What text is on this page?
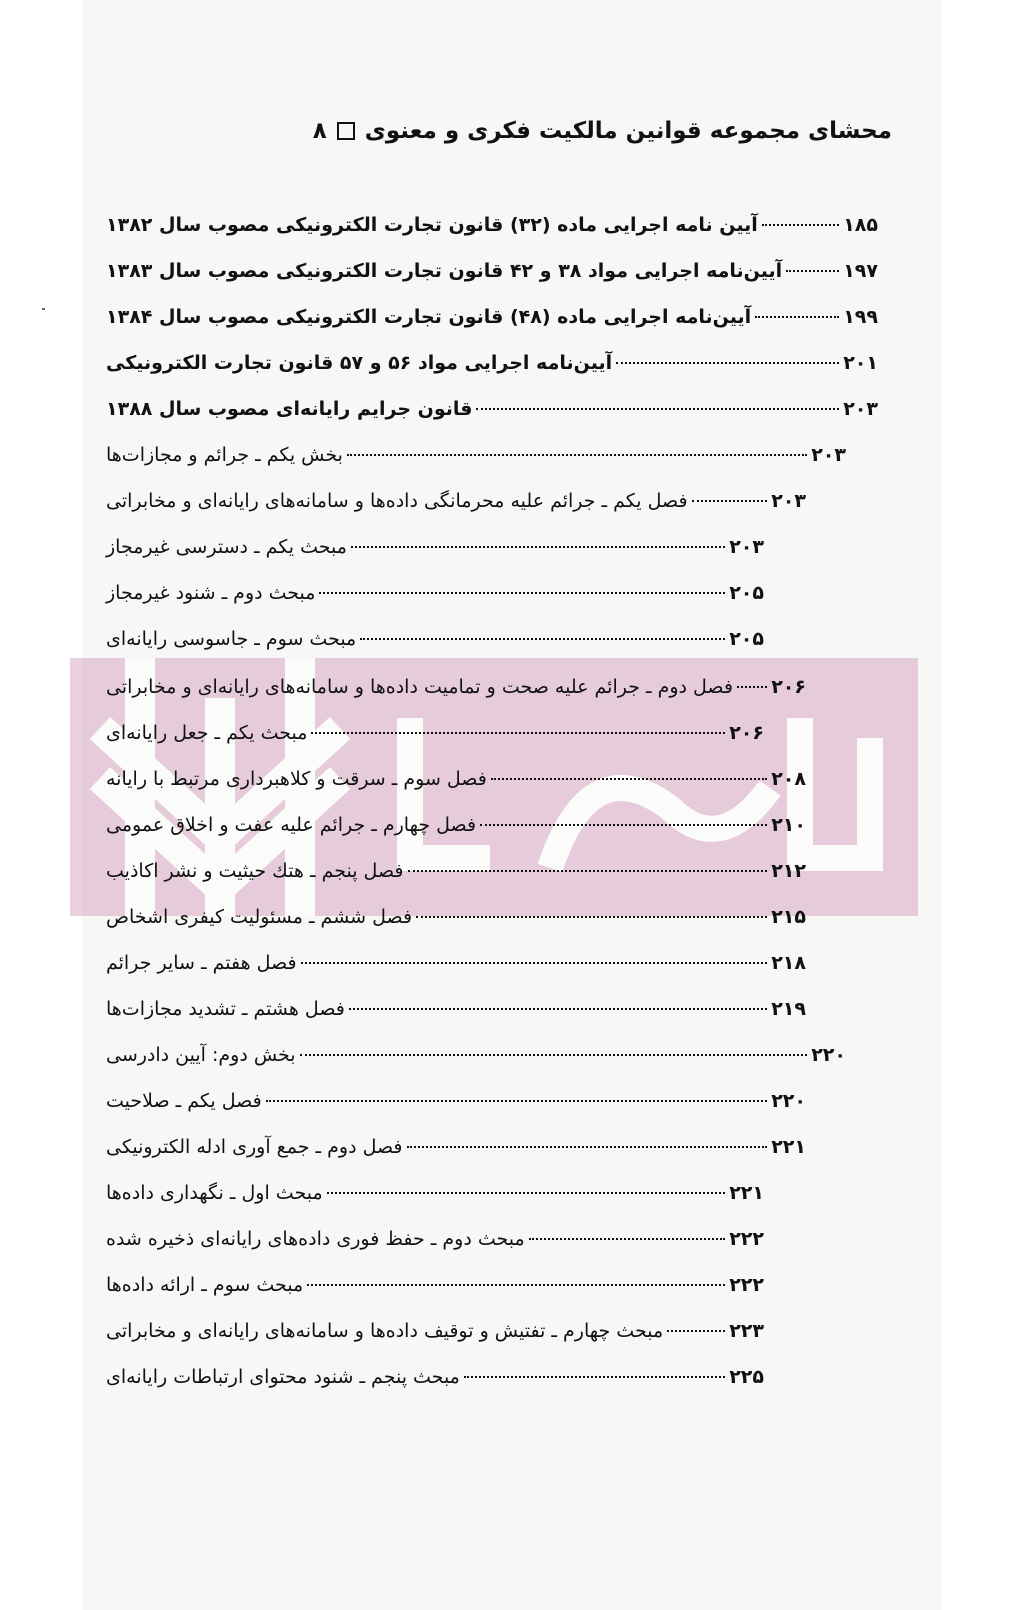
۸ محشای مجموعه قوانین مالکیت فکری و معنوی
آیین نامه اجرایی ماده (۳۲) قانون تجارت الکترونیکی مصوب سال ۱۳۸۲	۱۸۵
آیین‌نامه اجرایی مواد ۳۸ و ۴۲ قانون تجارت الکترونیکی مصوب سال ۱۳۸۳	۱۹۷
آیین‌نامه اجرایی ماده (۴۸) قانون تجارت الکترونیکی مصوب سال ۱۳۸۴	۱۹۹
آیین‌نامه اجرایی مواد ۵۶ و ۵۷ قانون تجارت الکترونیکی	۲۰۱
قانون جرایم رایانه‌ای مصوب سال ۱۳۸۸	۲۰۳
بخش یکم ـ جرائم و مجازات‌ها	۲۰۳
فصل یکم ـ جرائم علیه محرمانگی داده‌ها و سامانه‌های رایانه‌ای و مخابراتی	۲۰۳
مبحث یکم ـ دسترسی غیرمجاز	۲۰۳
مبحث دوم ـ شنود غیرمجاز	۲۰۵
مبحث سوم ـ جاسوسی رایانه‌ای	۲۰۵
فصل دوم ـ جرائم علیه صحت و تمامیت داده‌ها و سامانه‌های رایانه‌ای و مخابراتی ۲۰۶
مبحث یکم ـ جعل رایانه‌ای	۲۰۶
فصل سوم ـ سرقت و کلاهبرداری مرتبط با رایانه	۲۰۸
فصل چهارم ـ جرائم علیه عفت و اخلاق عمومی	۲۱۰
فصل پنجم ـ هتك حیثیت و نشر اکاذیب	۲۱۲
فصل ششم ـ مسئولیت کیفری اشخاص	۲۱۵
فصل هفتم ـ سایر جرائم	۲۱۸
فصل هشتم ـ تشدید مجازات‌ها	۲۱۹
بخش دوم: آیین دادرسی	۲۲۰
فصل یکم ـ صلاحیت	۲۲۰
فصل دوم ـ جمع آوری ادله الکترونیکی	۲۲۱
مبحث اول ـ نگهداری داده‌ها	۲۲۱
مبحث دوم ـ حفظ فوری داده‌های رایانه‌ای ذخیره شده	۲۲۲
مبحث سوم ـ ارائه داده‌ها	۲۲۲
مبحث چهارم ـ تفتیش و توقیف داده‌ها و سامانه‌های رایانه‌ای و مخابراتی	۲۲۳
مبحث پنجم ـ شنود محتوای ارتباطات رایانه‌ای	۲۲۵
